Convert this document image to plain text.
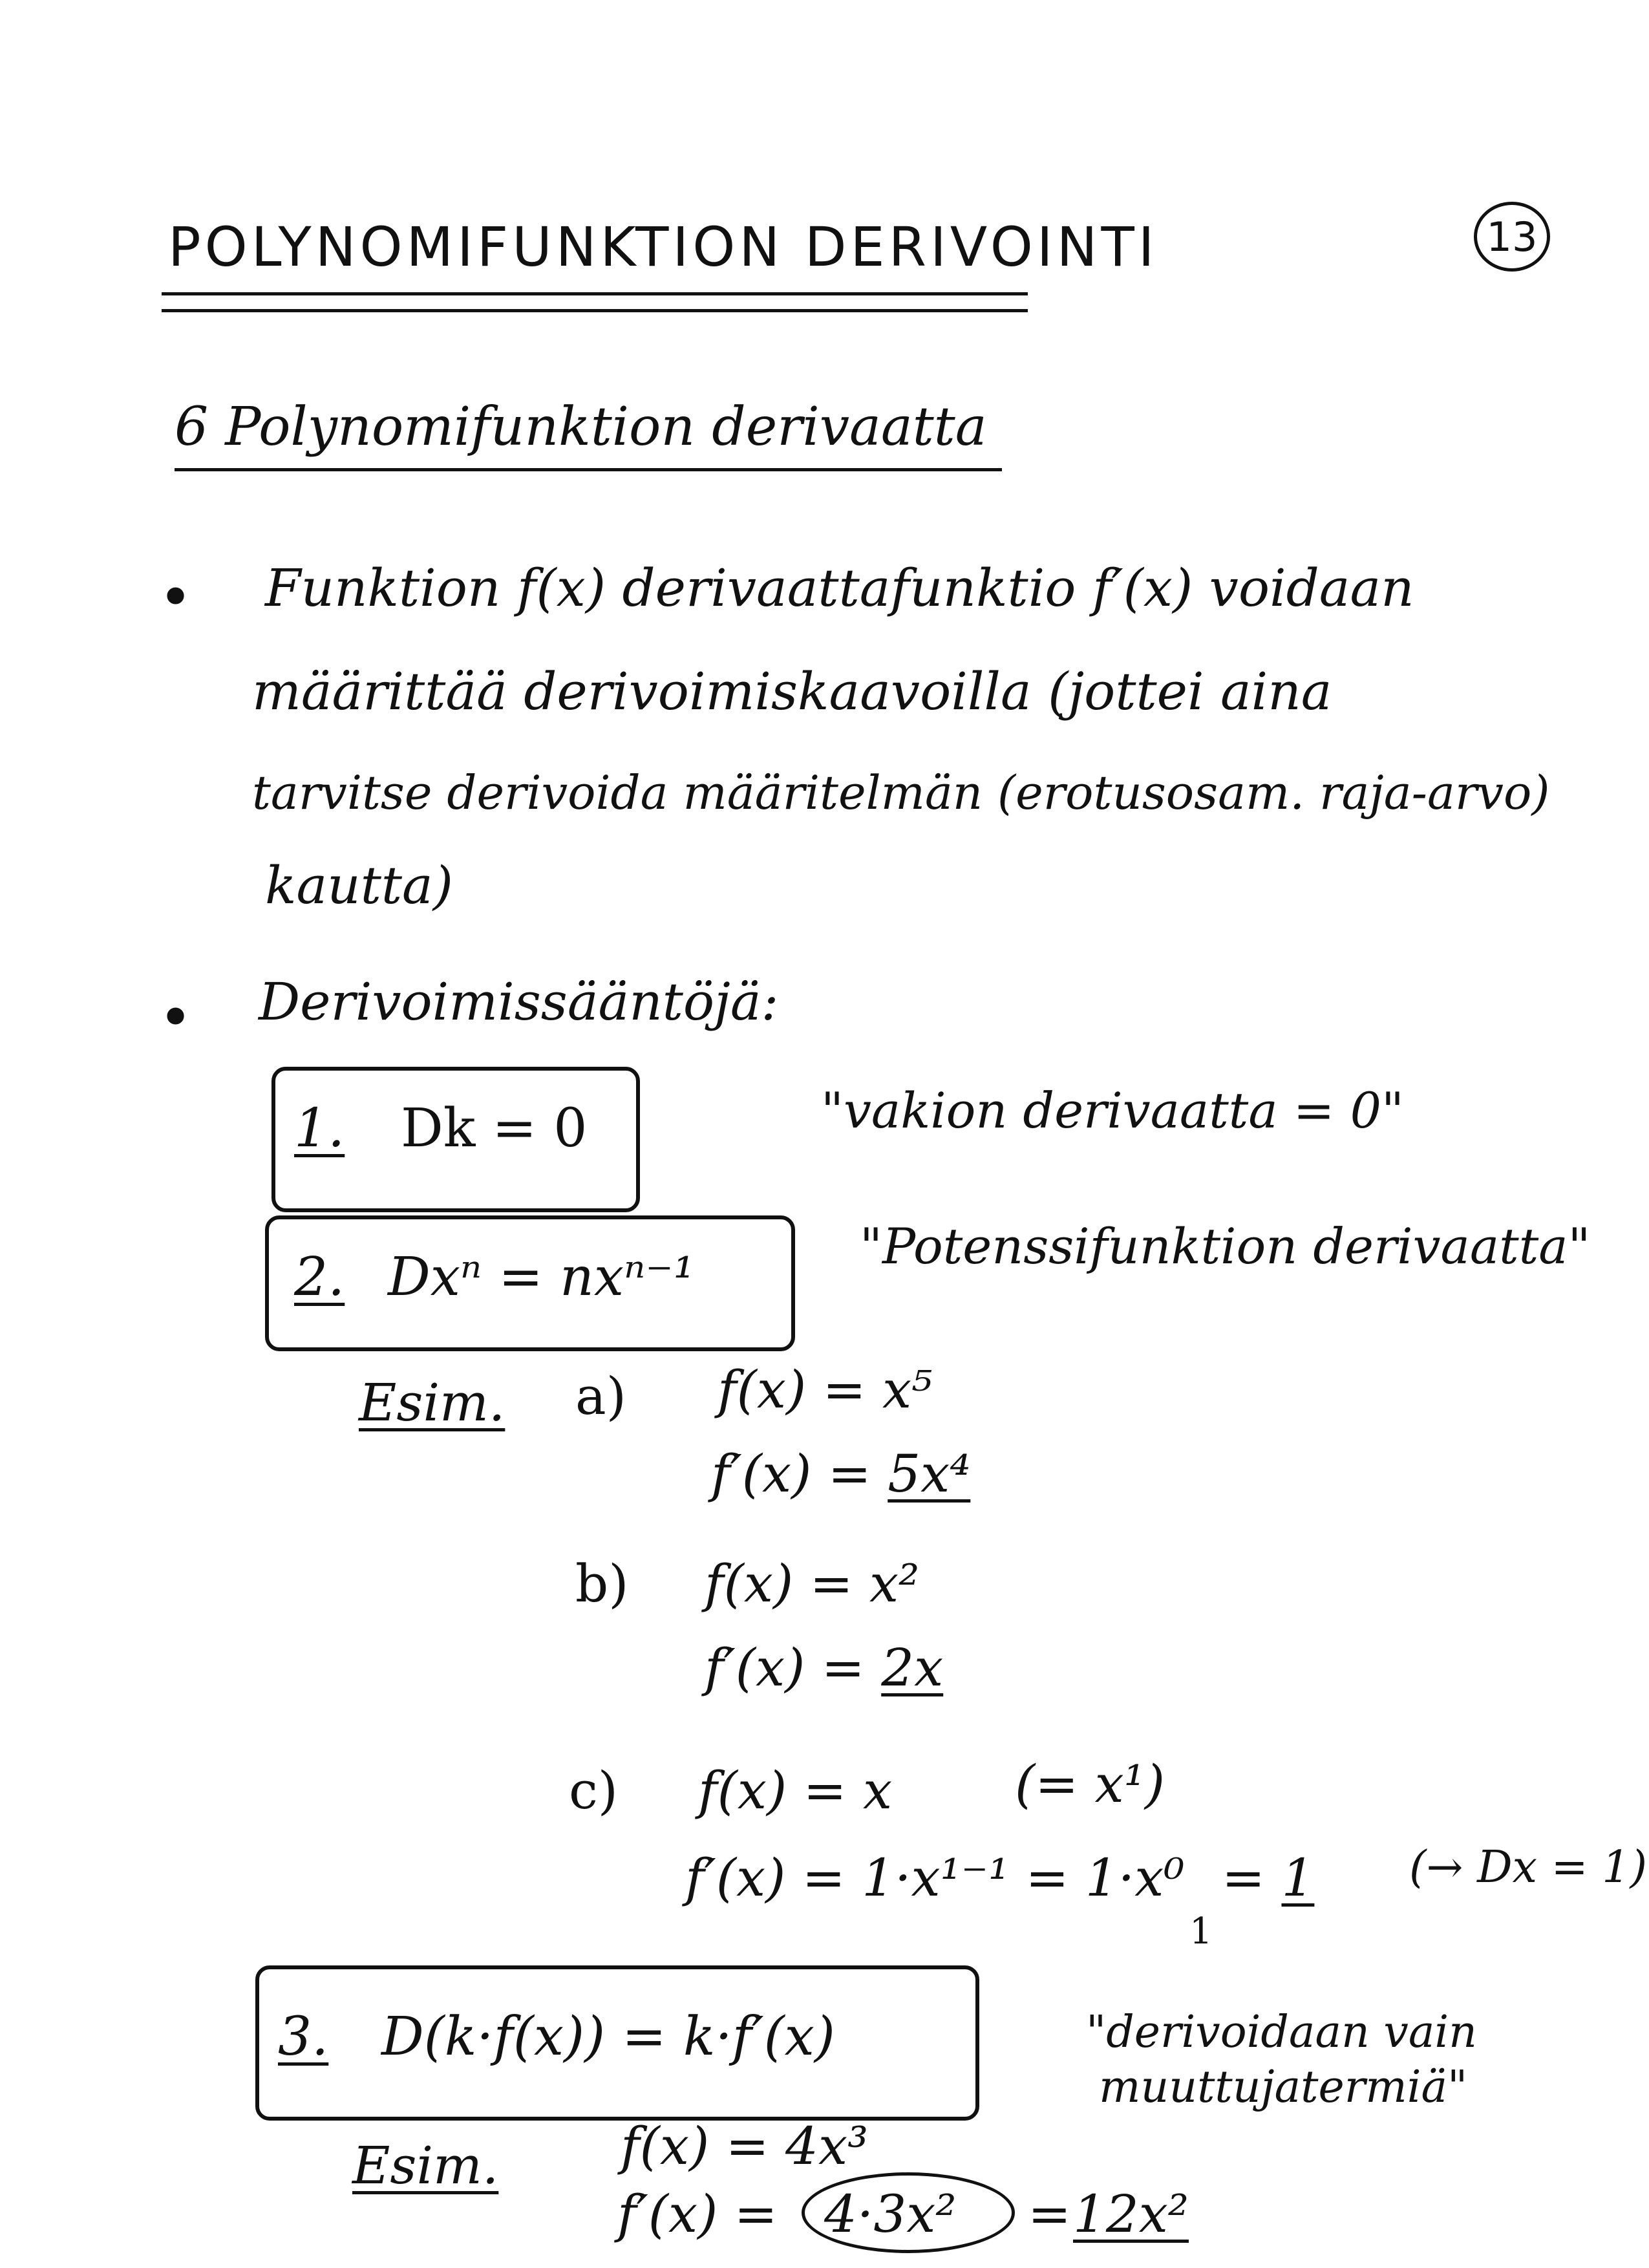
POLYNOMIFUNKTION DERIVOINTI	13
6 Polynomifunktion derivaatta
• Funktion f(x) derivaattafunktio f′(x) voidaan
määrittää derivoimiskaavoilla (jottei aina
tarvitse derivoida määritelmän (erotusosam. raja-arvo)
kautta)
• Derivoimissääntöjä:
1. Dk = 0	"vakion derivaatta = 0"
2. Dxⁿ = nxⁿ⁻¹
"Potenssifunktion derivaatta"
Esim. a) f(x) = x⁵
f′(x) = 5x⁴
b) f(x) = x²
f′(x) = 2x
c) f(x) = x (= x¹)
f′(x) = 1·x¹⁻¹ = 1·x⁰ = 1
1
(→ Dx = 1)
3. D(k·f(x)) = k·f′(x)	"derivoidaan vain
muuttujatermiä"
Esim. f(x) = 4x³
f′(x) = 4·3x² = 12x²
